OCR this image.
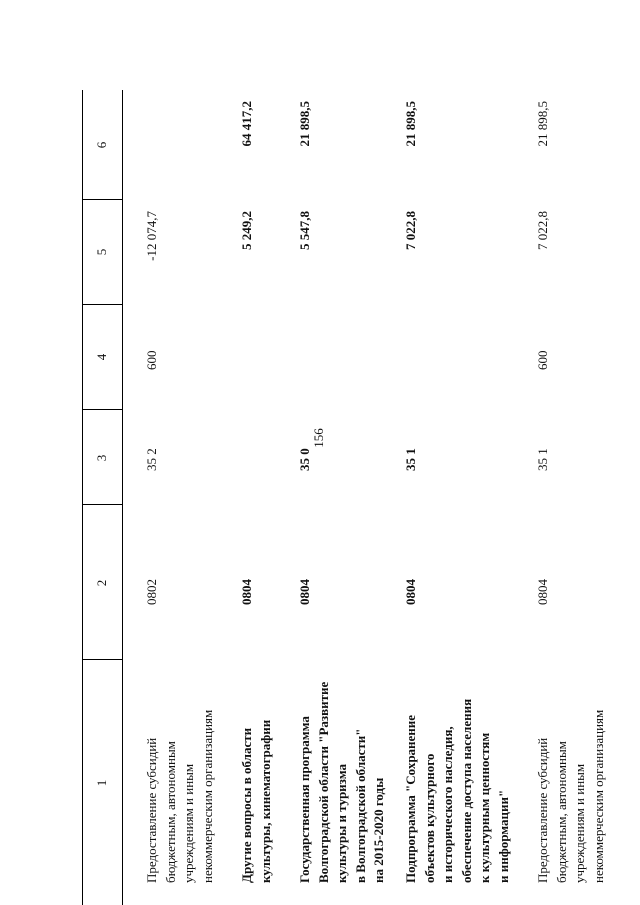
156
1
2
3
4
5
6
Предоставление субсидий бюджетным, автономным учреждениям и иным некоммерческим организациям
0802
35 2
600
-12 074,7
Другие вопросы в области культуры, кинематографии
0804
5 249,2
64 417,2
Государственная программа Волгоградской области "Развитие культуры и туризма в Волгоградской области" на 2015-2020 годы
0804
35 0
5 547,8
21 898,5
Подпрограмма "Сохранение объектов культурного и исторического наследия, обеспечение доступа населения к культурным ценностям и информации"
0804
35 1
7 022,8
21 898,5
Предоставление субсидий бюджетным, автономным учреждениям и иным некоммерческим организациям
0804
35 1
600
7 022,8
21 898,5
